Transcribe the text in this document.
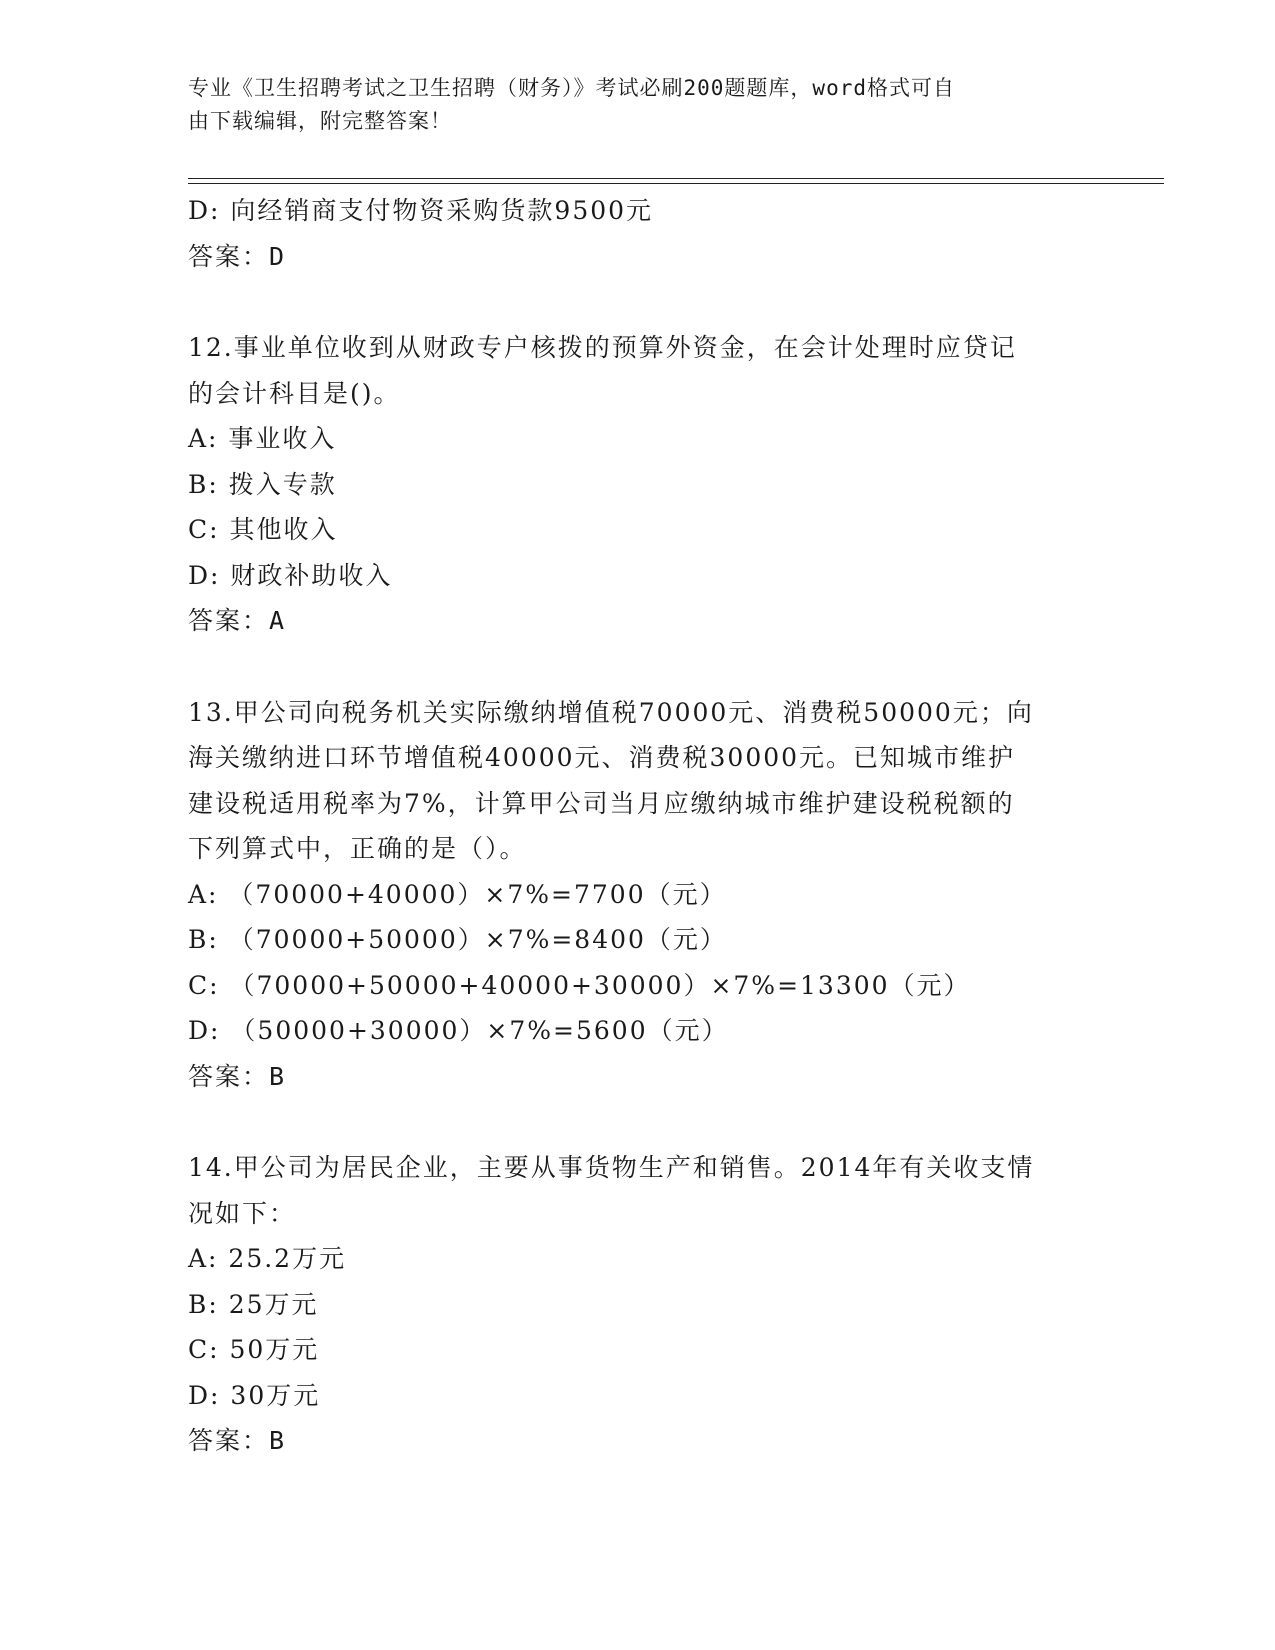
专业《卫生招聘考试之卫生招聘（财务）》考试必刷200题题库，word格式可自
由下载编辑，附完整答案！
D: 向经销商支付物资采购货款9500元
答案：D
12.事业单位收到从财政专户核拨的预算外资金，在会计处理时应贷记
的会计科目是()。
A: 事业收入
B: 拨入专款
C: 其他收入
D: 财政补助收入
答案：A
13.甲公司向税务机关实际缴纳增值税70000元、消费税50000元；向
海关缴纳进口环节增值税40000元、消费税30000元。已知城市维护
建设税适用税率为7%，计算甲公司当月应缴纳城市维护建设税税额的
下列算式中，正确的是（）。
A: （70000+40000）×7%=7700（元）
B: （70000+50000）×7%=8400（元）
C: （70000+50000+40000+30000）×7%=13300（元）
D: （50000+30000）×7%=5600（元）
答案：B
14.甲公司为居民企业，主要从事货物生产和销售。2014年有关收支情
况如下：
A: 25.2万元
B: 25万元
C: 50万元
D: 30万元
答案：B
